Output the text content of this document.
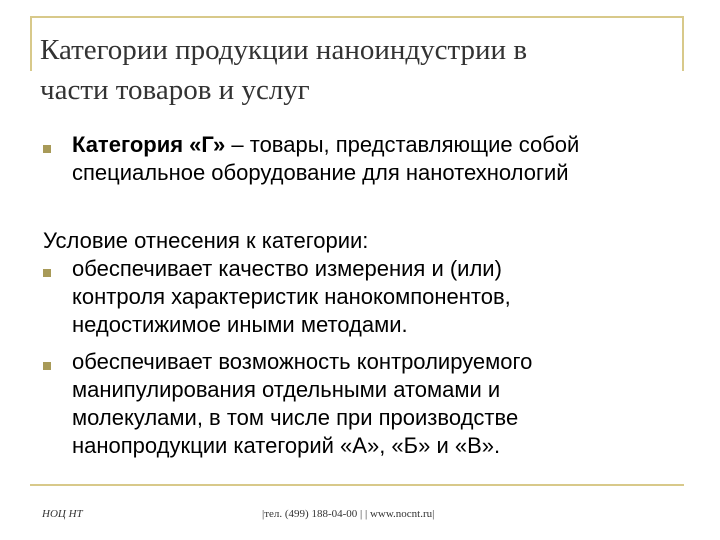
Категории продукции наноиндустрии в
части товаров и услуг
Категория «Г» – товары, представляющие собой
специальное оборудование для нанотехнологий
Условие отнесения к категории:
обеспечивает качество измерения и (или)
контроля характеристик нанокомпонентов,
недостижимое иными методами.
обеспечивает возможность контролируемого
манипулирования отдельными атомами и
молекулами, в том числе при производстве
нанопродукции категорий «А», «Б» и «В».
НОЦ НТ	|тел. (499) 188-04-00 | | www.nocnt.ru|
